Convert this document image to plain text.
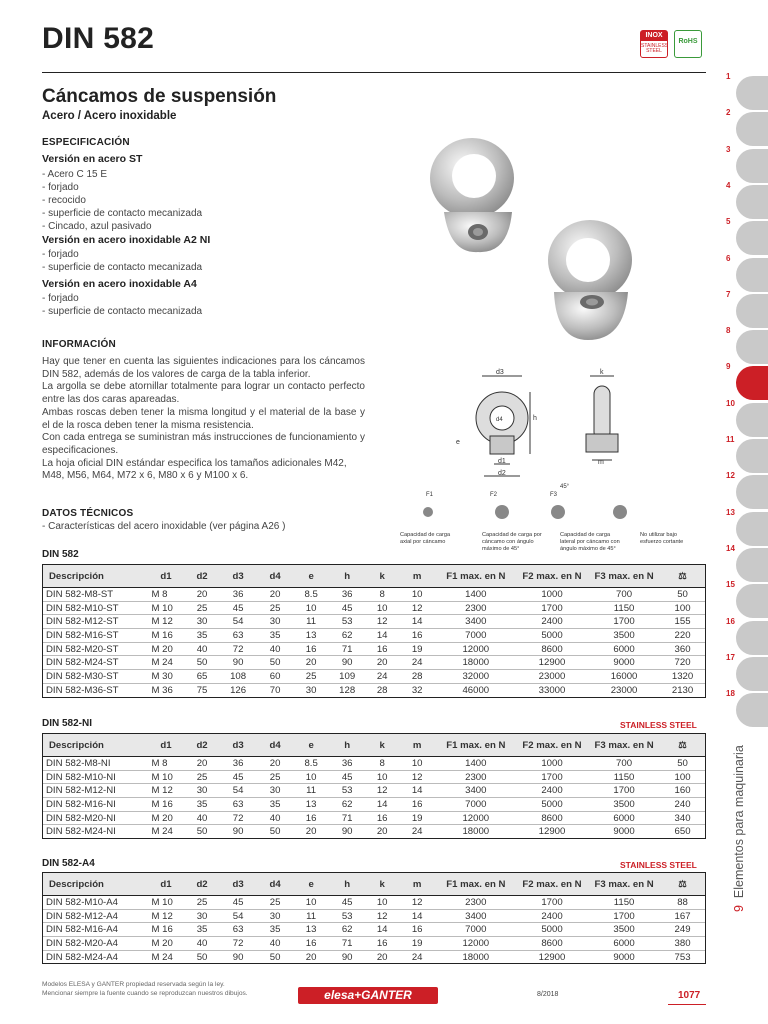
DIN 582	INOX
STAINLESS STEEL
RoHS
Cáncamos de suspensión
Acero / Acero inoxidable
ESPECIFICACIÓN
Versión en acero ST
- Acero C 15 E
- forjado
- recocido
- superficie de contacto mecanizada
- Cincado, azul pasivado
Versión en acero inoxidable A2 NI
- forjado
- superficie de contacto mecanizada
Versión en acero inoxidable A4
- forjado
- superficie de contacto mecanizada
INFORMACIÓN
Hay que tener en cuenta las siguientes indicaciones para los cáncamos DIN 582, además de los valores de carga de la tabla inferior.
La argolla se debe atornillar totalmente para lograr un contacto perfecto entre las dos caras apareadas.
Ambas roscas deben tener la misma longitud y el material de la base y el de la rosca deben tener la misma resistencia.
Con cada entrega se suministran más instrucciones de funcionamiento y especificaciones.
La hoja oficial DIN estándar especifica los tamaños adicionales M42, M48, M56, M64, M72 x 6, M80 x 6 y M100 x 6.
DATOS TÉCNICOS
- Características del acero inoxidable (ver página A26 )
d3
d4
d1
d2
h
e
k
m
F1	F2	F3
45°
Capacidad de carga axial por cáncamo
Capacidad de carga por cáncamo con ángulo máximo de 45°
Capacidad de carga lateral por cáncamo con ángulo máximo de 45°
No utilizar bajo esfuerzo cortante
DIN 582
Descripción	d1	d2	d3	d4	e	h	k	m	F1 max. en N	F2 max. en N	F3 max. en N	⚖
DIN 582-M8-ST	M 8	20	36	20	8.5	36	8	10	1400	1000	700	50
DIN 582-M10-ST	M 10	25	45	25	10	45	10	12	2300	1700	1150	100
DIN 582-M12-ST	M 12	30	54	30	11	53	12	14	3400	2400	1700	155
DIN 582-M16-ST	M 16	35	63	35	13	62	14	16	7000	5000	3500	220
DIN 582-M20-ST	M 20	40	72	40	16	71	16	19	12000	8600	6000	360
DIN 582-M24-ST	M 24	50	90	50	20	90	20	24	18000	12900	9000	720
DIN 582-M30-ST	M 30	65	108	60	25	109	24	28	32000	23000	16000	1320
DIN 582-M36-ST	M 36	75	126	70	30	128	28	32	46000	33000	23000	2130
DIN 582-NI	STAINLESS STEEL
Descripción	d1	d2	d3	d4	e	h	k	m	F1 max. en N	F2 max. en N	F3 max. en N	⚖
DIN 582-M8-NI	M 8	20	36	20	8.5	36	8	10	1400	1000	700	50
DIN 582-M10-NI	M 10	25	45	25	10	45	10	12	2300	1700	1150	100
DIN 582-M12-NI	M 12	30	54	30	11	53	12	14	3400	2400	1700	160
DIN 582-M16-NI	M 16	35	63	35	13	62	14	16	7000	5000	3500	240
DIN 582-M20-NI	M 20	40	72	40	16	71	16	19	12000	8600	6000	340
DIN 582-M24-NI	M 24	50	90	50	20	90	20	24	18000	12900	9000	650
DIN 582-A4	STAINLESS STEEL
Descripción	d1	d2	d3	d4	e	h	k	m	F1 max. en N	F2 max. en N	F3 max. en N	⚖
DIN 582-M10-A4	M 10	25	45	25	10	45	10	12	2300	1700	1150	88
DIN 582-M12-A4	M 12	30	54	30	11	53	12	14	3400	2400	1700	167
DIN 582-M16-A4	M 16	35	63	35	13	62	14	16	7000	5000	3500	249
DIN 582-M20-A4	M 20	40	72	40	16	71	16	19	12000	8600	6000	380
DIN 582-M24-A4	M 24	50	90	50	20	90	20	24	18000	12900	9000	753
1
2
3
4
5
6
7
8
9
10
11
12
13
14
15
16
17
18
9  Elementos para maquinaria
Modelos ELESA y GANTER propiedad reservada según la ley.
Mencionar siempre la fuente cuando se reproduzcan nuestros dibujos.	elesa+GANTER	8/2018	1077
